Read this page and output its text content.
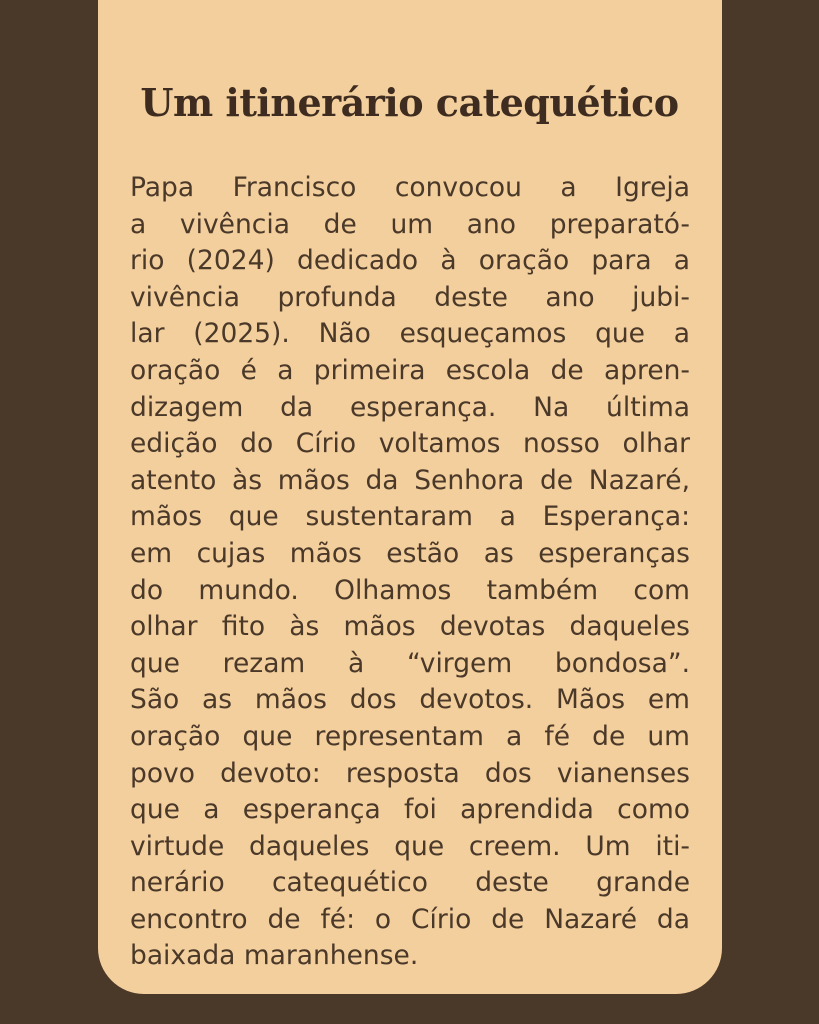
Um itinerário catequético
Papa Francisco convocou a Igreja
a vivência de um ano preparató-
rio (2024) dedicado à oração para a
vivência profunda deste ano jubi-
lar (2025). Não esqueçamos que a
oração é a primeira escola de apren-
dizagem da esperança. Na última
edição do Círio voltamos nosso olhar
atento às mãos da Senhora de Nazaré,
mãos que sustentaram a Esperança:
em cujas mãos estão as esperanças
do mundo. Olhamos também com
olhar fito às mãos devotas daqueles
que rezam à “virgem bondosa”.
São as mãos dos devotos. Mãos em
oração que representam a fé de um
povo devoto: resposta dos vianenses
que a esperança foi aprendida como
virtude daqueles que creem. Um iti-
nerário catequético deste grande
encontro de fé: o Círio de Nazaré da
baixada maranhense.
